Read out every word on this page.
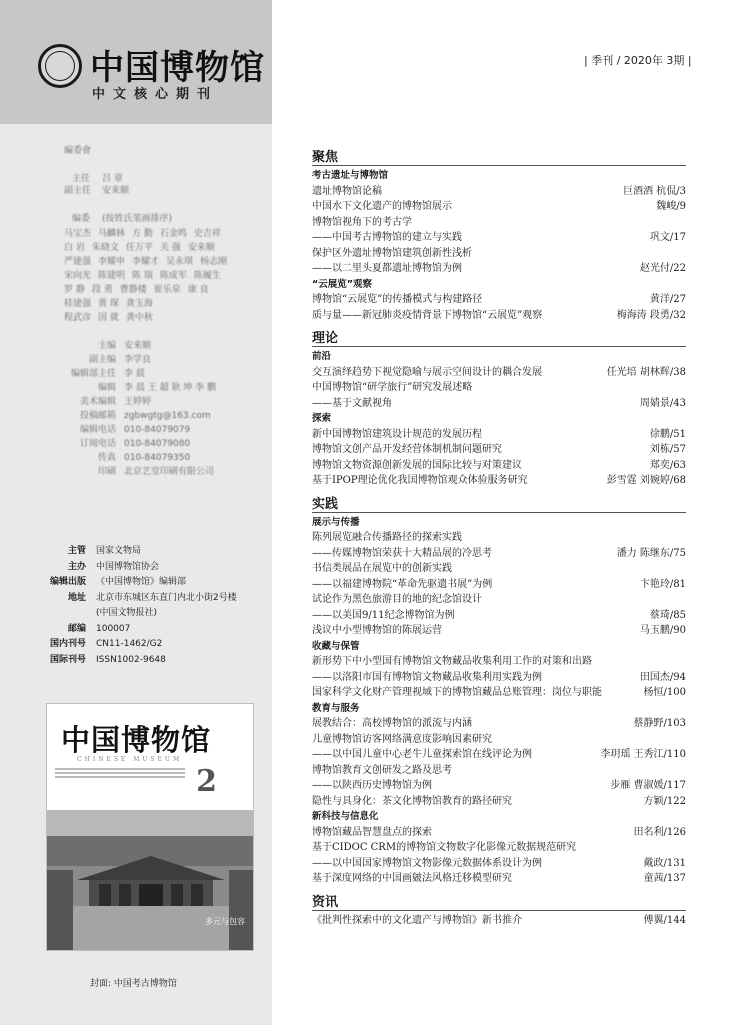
中国博物馆
中文核心期刊
編委會
主任 吕 章
副主任 安来顺
编委 (按姓氏笔画排序)
马宝杰 马麟林 方 勤 石金鸣 史吉祥
白 岩 朱晓文 任万平 关 强 安来顺
严建强 李耀申 李耀才 吴永琪 杨志刚
宋向光 陈建明 陈 瑞 陈成军 陈履生
罗 静 段 勇 曹静楼 崔乐泉 康 良
桂建强 黄 琛 龚玉海
程武彦 国 就 龚中秋
主编 安来顺
副主编 李学良
编辑部主任 李 晨
编辑 李 晨 王 超 耿 坤 李 鹏
美术编辑 王婷婷
投稿邮箱 zgbwgtg@163.com
编辑电话 010-84079079
订阅电话 010-84079080
传真 010-84079350
印刷 北京艺堂印刷有限公司
主管 国家文物局
主办 中国博物馆协会
编辑出版 《中国博物馆》编辑部
地址 北京市东城区东直门内北小街2号楼
(中国文物报社)
邮编 100007
国内刊号 CN11-1462/G2
国际刊号 ISSN1002-9648
中国博物馆
CHINESE MUSEUM
2
多元与包容
封面: 中国考古博物馆
| 季刊 / 2020年 3期 |
聚焦
考古遗址与博物馆
遗址博物馆论稿	巨酒酒 杭侃/3
中国水下文化遗产的博物馆展示	魏峻/9
博物馆视角下的考古学
——中国考古博物馆的建立与实践	巩文/17
保护区外遗址博物馆建筑创新性浅析
——以二里头夏都遗址博物馆为例	赵光付/22
“云展览”观察
博物馆“云展览”的传播模式与构建路径	黄洋/27
质与量——新冠肺炎疫情背景下博物馆“云展览”观察	梅海涛 段勇/32
理论
前沿
交互演绎趋势下视觉隐喻与展示空间设计的耦合发展	任光培 胡林辉/38
中国博物馆“研学旅行”研究发展述略
——基于文献视角	周婧景/43
探索
新中国博物馆建筑设计规范的发展历程	徐鹏/51
博物馆文创产品开发经营体制机制问题研究	刘栋/57
博物馆文物资源创新发展的国际比较与对策建议	郑奕/63
基于IPOP理论优化我国博物馆观众体验服务研究	彭雪霆 刘婉婷/68
实践
展示与传播
陈列展览融合传播路径的探索实践
——传媒博物馆荣获十大精品展的冷思考	潘力 陈继东/75
书信类展品在展览中的创新实践
——以福建博物院“革命先驱遗书展”为例	卞艳玲/81
试论作为黑色旅游目的地的纪念馆设计
——以美国9/11纪念博物馆为例	蔡琦/85
浅议中小型博物馆的陈展运营	马玉鹏/90
收藏与保管
新形势下中小型国有博物馆文物藏品收集利用工作的对策和出路
——以洛阳市国有博物馆文物藏品收集利用实践为例	田国杰/94
国家科学文化财产管理视域下的博物馆藏品总账管理：岗位与职能	杨恒/100
教育与服务
展教结合：高校博物馆的派流与内涵	蔡静野/103
儿童博物馆访客网络满意度影响因素研究
——以中国儿童中心老牛儿童探索馆在线评论为例	李玥瑶 王秀江/110
博物馆教育文创研发之路及思考
——以陕西历史博物馆为例	步雁 曹淑媛/117
隐性与具身化：茶文化博物馆教育的路径研究	方颖/122
新科技与信息化
博物馆藏品智慧盘点的探索	田名利/126
基于CIDOC CRM的博物馆文物数字化影像元数据规范研究
——以中国国家博物馆文物影像元数据体系设计为例	戴政/131
基于深度网络的中国画皴法风格迁移模型研究	童茜/137
资讯
《批判性探索中的文化遗产与博物馆》新书推介	傅翼/144
